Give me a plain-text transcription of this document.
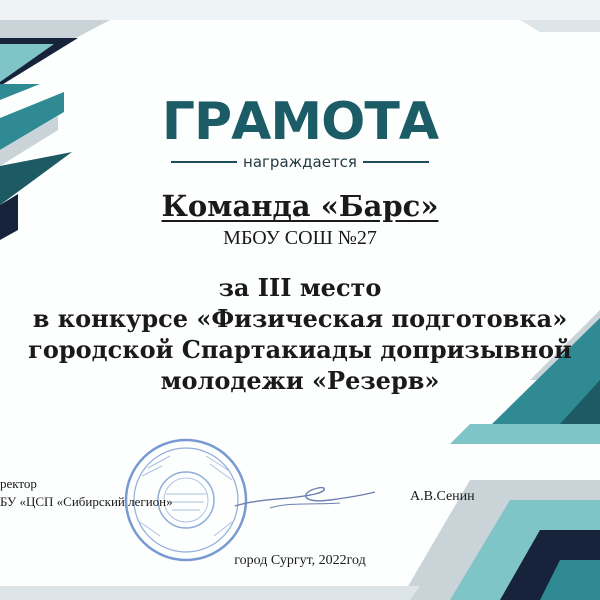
ГРАМОТА
награждается
Команда «Барс»
МБОУ СОШ №27
за III место
в конкурсе «Физическая подготовка»
городской Спартакиады допризывной
молодежи «Резерв»
ректор
БУ «ЦСП «Сибирский легион»	А.В.Сенин
город Сургут, 2022год
